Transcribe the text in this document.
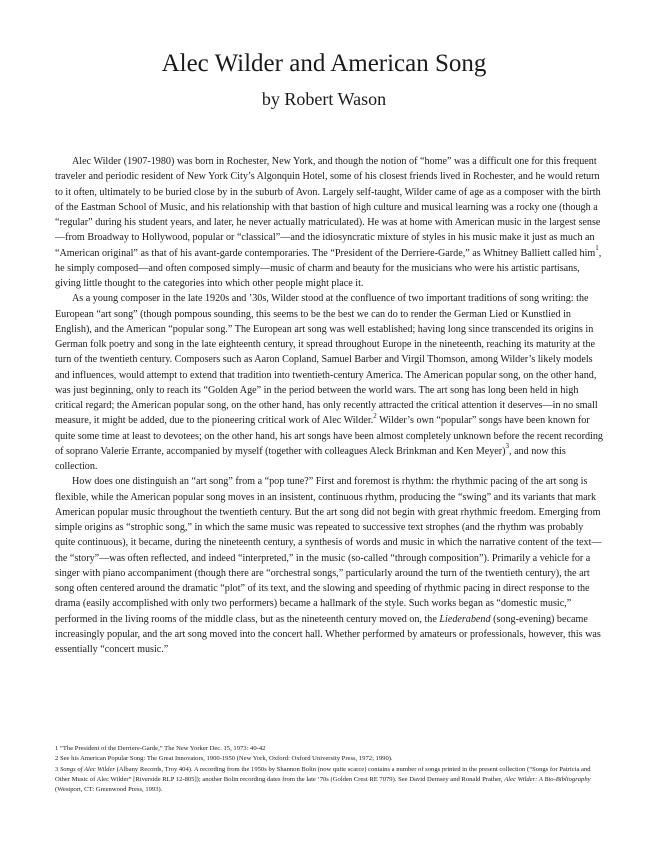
Alec Wilder and American Song
by Robert Wason

Alec Wilder (1907-1980) was born in Rochester, New York, and though the notion of “home” was a difficult one for this frequent traveler and periodic resident of New York City’s Algonquin Hotel, some of his closest friends lived in Rochester, and he would return to it often, ultimately to be buried close by in the suburb of Avon. Largely self-taught, Wilder came of age as a composer with the birth of the Eastman School of Music, and his relationship with that bastion of high culture and musical learning was a rocky one (though a “regular” during his student years, and later, he never actually matriculated). He was at home with American music in the largest sense—from Broadway to Hollywood, popular or “classical”—and the idiosyncratic mixture of styles in his music make it just as much an “American original” as that of his avant-garde contemporaries. The “President of the Derriere-Garde,” as Whitney Balliett called him$^1$, he simply composed—and often composed simply—music of charm and beauty for the musicians who were his artistic partisans, giving little thought to the categories into which other people might place it.

As a young composer in the late 1920s and ’30s, Wilder stood at the confluence of two important traditions of song writing: the European “art song” (though pompous sounding, this seems to be the best we can do to render the German Lied or Kunstlied in English), and the American “popular song.” The European art song was well established; having long since transcended its origins in German folk poetry and song in the late eighteenth century, it spread throughout Europe in the nineteenth, reaching its maturity at the turn of the twentieth century. Composers such as Aaron Copland, Samuel Barber and Virgil Thomson, among Wilder’s likely models and influences, would attempt to extend that tradition into twentieth-century America. The American popular song, on the other hand, was just beginning, only to reach its “Golden Age” in the period between the world wars. The art song has long been held in high critical regard; the American popular song, on the other hand, has only recently attracted the critical attention it deserves—in no small measure, it might be added, due to the pioneering critical work of Alec Wilder.$^2$ Wilder’s own “popular” songs have been known for quite some time at least to devotees; on the other hand, his art songs have been almost completely unknown before the recent recording of soprano Valerie Errante, accompanied by myself (together with colleagues Aleck Brinkman and Ken Meyer)$^3$, and now this collection.

How does one distinguish an “art song” from a “pop tune?” First and foremost is rhythm: the rhythmic pacing of the art song is flexible, while the American popular song moves in an insistent, continuous rhythm, producing the “swing” and its variants that mark American popular music throughout the twentieth century. But the art song did not begin with great rhythmic freedom. Emerging from simple origins as “strophic song,” in which the same music was repeated to successive text strophes (and the rhythm was probably quite continuous), it became, during the nineteenth century, a synthesis of words and music in which the narrative content of the text—the “story”—was often reflected, and indeed “interpreted,” in the music (so-called “through composition”). Primarily a vehicle for a singer with piano accompaniment (though there are “orchestral songs,” particularly around the turn of the twentieth century), the art song often centered around the dramatic “plot” of its text, and the slowing and speeding of rhythmic pacing in direct response to the drama (easily accomplished with only two performers) became a hallmark of the style. Such works began as “domestic music,” performed in the living rooms of the middle class, but as the nineteenth century moved on, the Liederabend (song-evening) became increasingly popular, and the art song moved into the concert hall. Whether performed by amateurs or professionals, however, this was essentially “concert music.”

1 “The President of the Derriere-Garde,” The New Yorker Dec. 15, 1973: 40-42

2 See his American Popular Song: The Great Innovators, 1900-1950 (New York, Oxford: Oxford University Press, 1972; 1990).

3 Songs of Alec Wilder (Albany Records, Troy 404). A recording from the 1950s by Shannon Bolin (now quite scarce) contains a number of songs printed in the present collection (“Songs for Patricia and Other Music of Alec Wilder” [Riverside RLP 12-805]); another Bolin recording dates from the late ’70s (Golden Crest RE 7079). See David Demsey and Ronald Prather, Alec Wilder: A Bio-Bibliography (Westport, CT: Greenwood Press, 1993).
